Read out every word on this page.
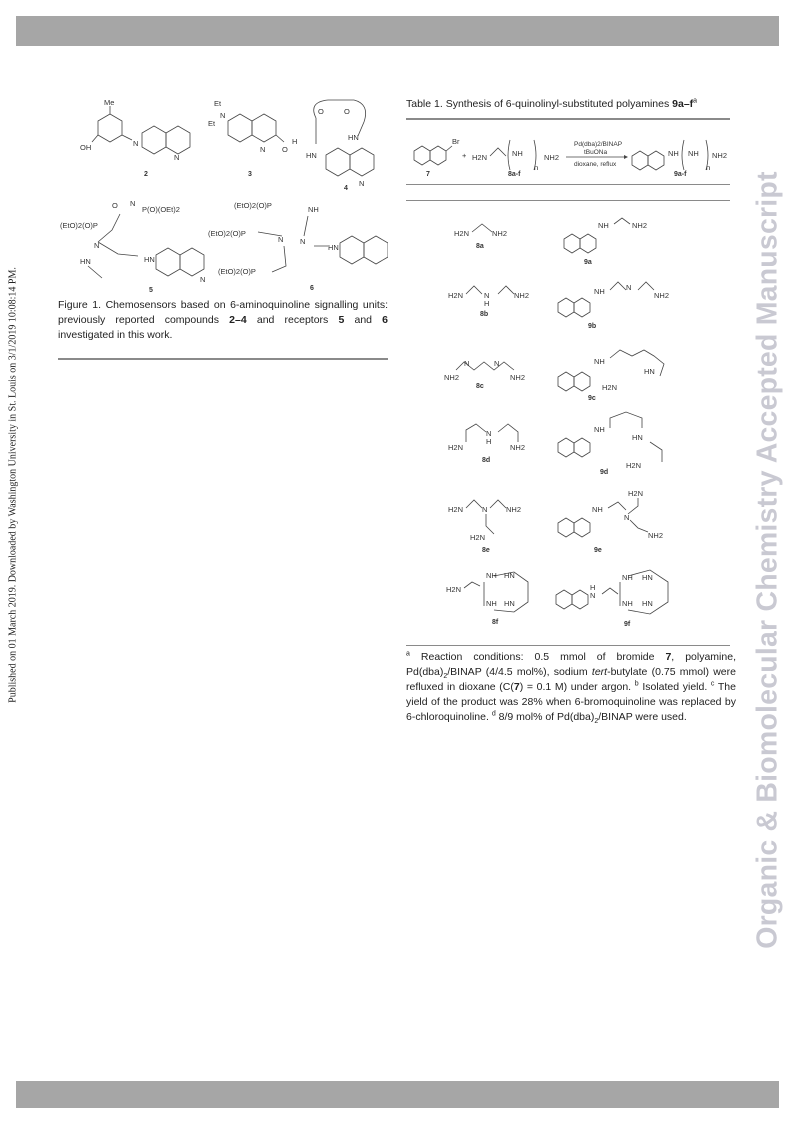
Published on 01 March 2019. Downloaded by Washington University in St. Louis on 3/1/2019 10:08:14 PM.	Organic & Biomolecular Chemistry Accepted Manuscript
Me
OH	N
N
2
Et
Et
N
N O
H
3
O	O
HN
HN
N
4
O N
P(O)(OEt)2
(EtO)2(O)P
N
HN	HN
N
5
(EtO)2(O)P	NH
(EtO)2(O)P
N N
HN
(EtO)2(O)P
6
Figure 1. Chemosensors based on 6-aminoquinoline signalling units: previously reported compounds 2–4 and receptors 5 and 6 investigated in this work.
Table 1. Synthesis of 6-quinolinyl-substituted polyamines $9a-f^a$
Br
7
+ H2N	NH
n
NH2
8a-f
Pd(dba)2/BINAP
tBuONa
dioxane, reflux
NH NH
n
NH2
9a-f
H2N	NH2
8a
NH	NH2
9a
H2N	N
H
NH2
8b
NH	N
NH2
9b
N	N
NH2	NH2
8c
NH
HN
H2N
9c
N
H
H2N	NH2
8d
NH
HN
H2N
9d
H2N	N NH2
H2N
8e
H2N
NH
N
NH2
9e
H2N
NH HN
NH HN
8f
H
N
NH HN
NH HN
9f
$^a$ Reaction conditions: 0.5 mmol of bromide 7, polyamine, $Pd(dba)_2$/BINAP (4/4.5 mol%), sodium tert-butylate (0.75 mmol) were refluxed in dioxane (C(7) = 0.1 M) under argon. $^b$ Isolated yield. $^c$ The yield of the product was 28% when 6-bromoquinoline was replaced by 6-chloroquinoline. $^d$ 8/9 mol% of $Pd(dba)_2$/BINAP were used.
